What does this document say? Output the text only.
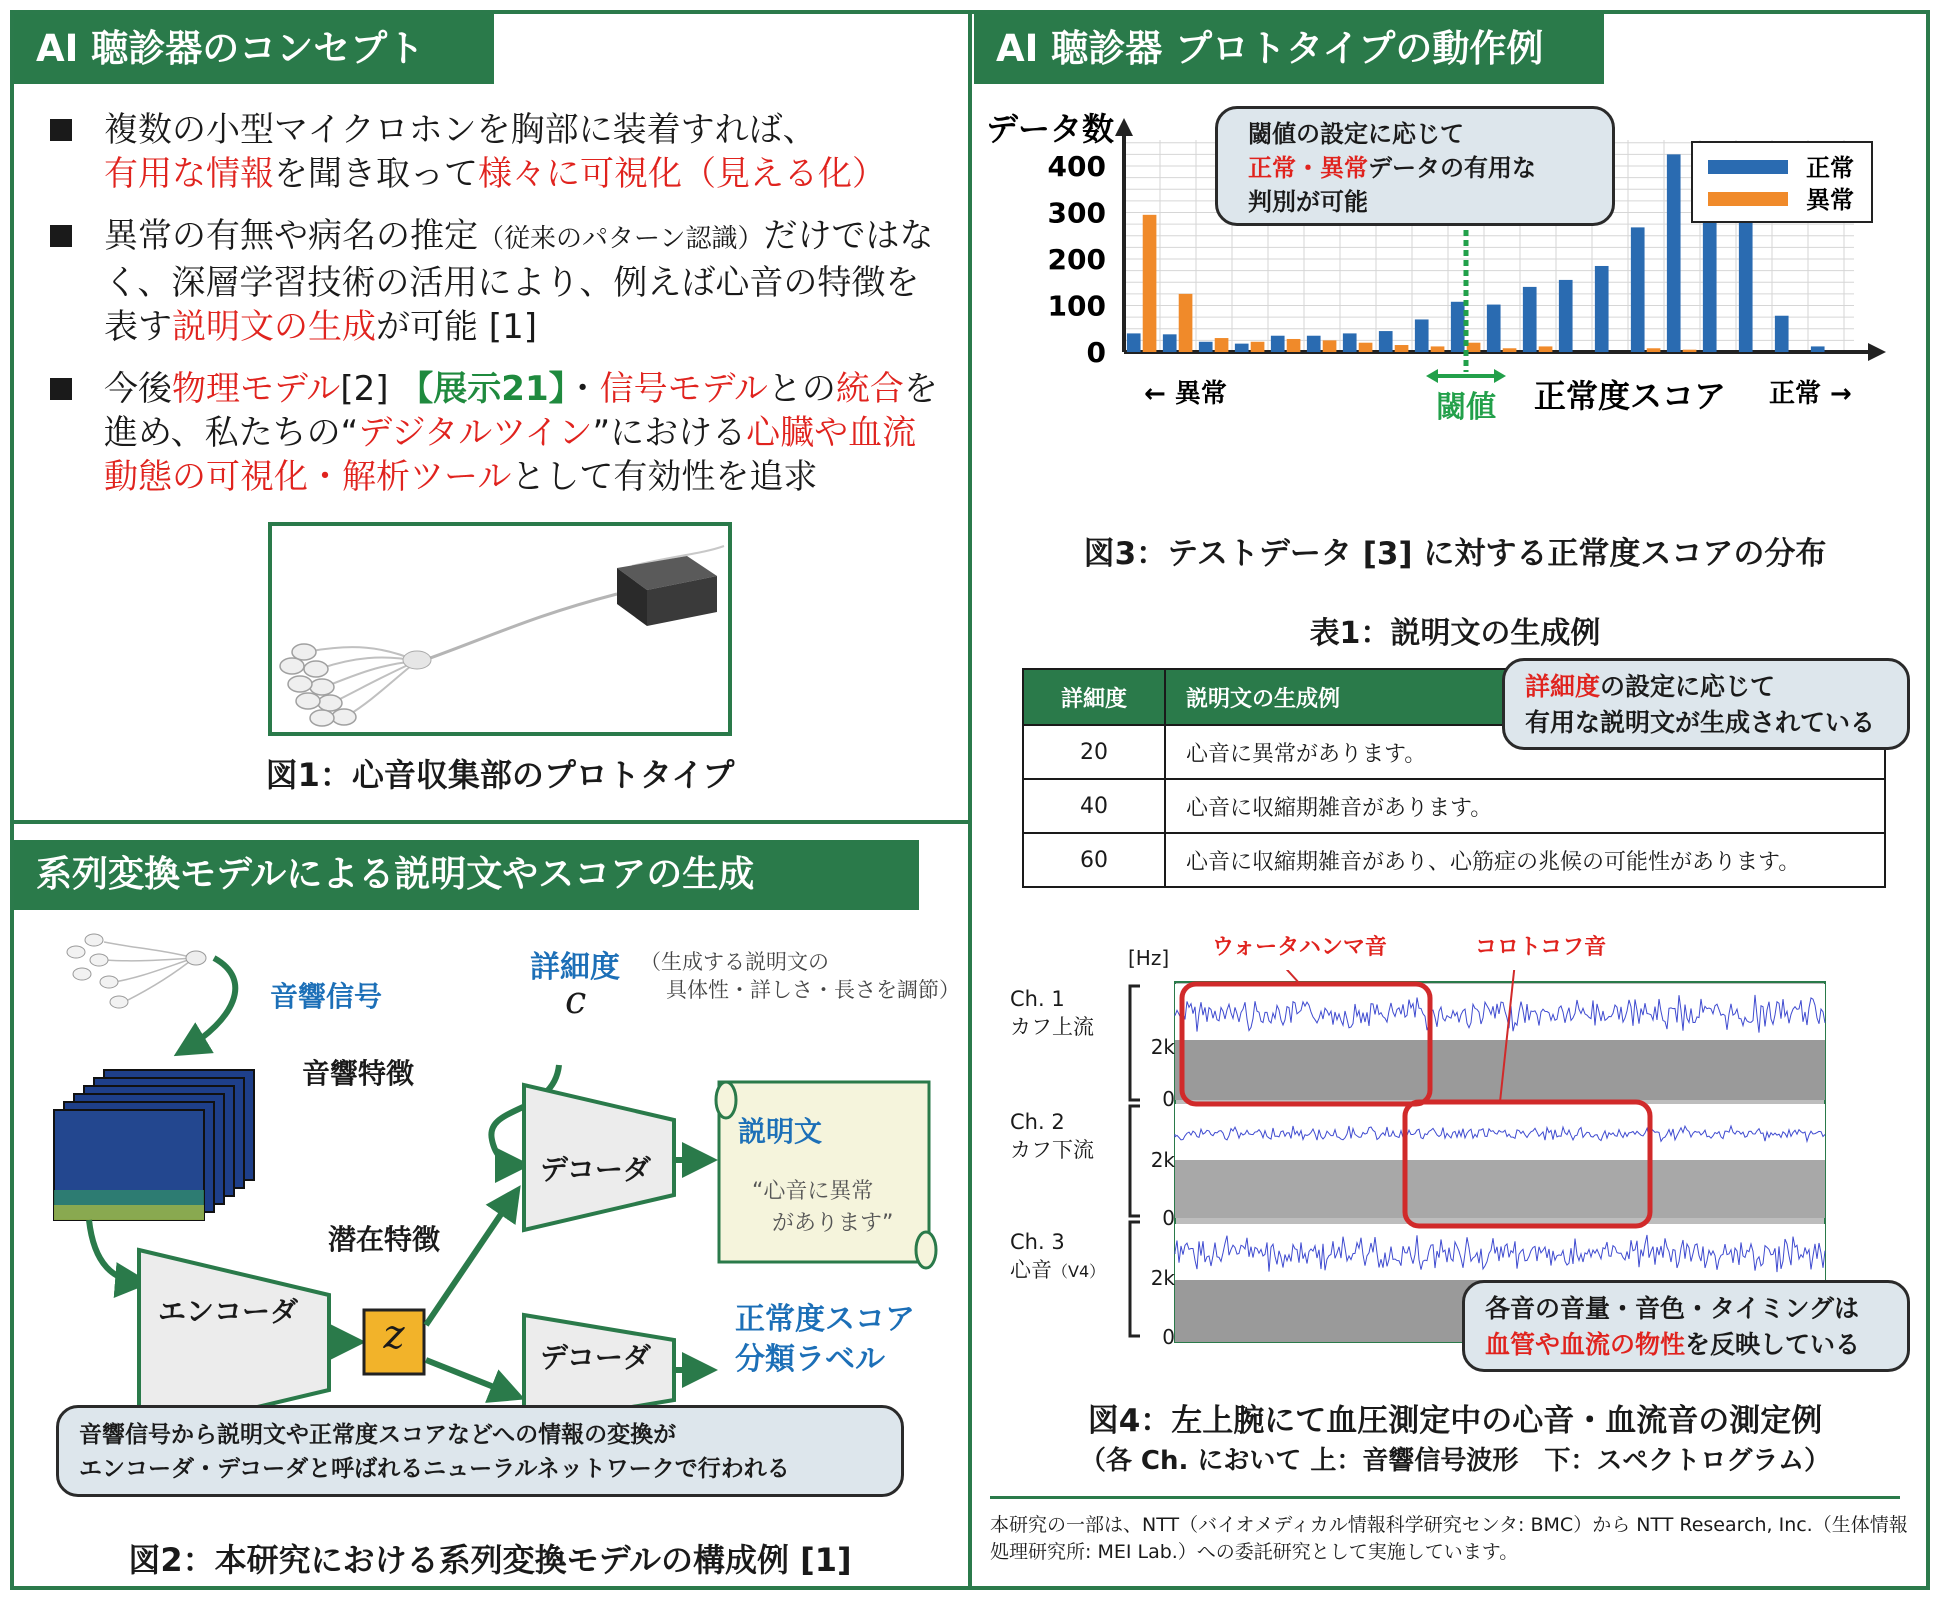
AI 聴診器のコンセプト
複数の小型マイクロホンを胸部に装着すれば、
有用な情報を聞き取って様々に可視化（見える化）
異常の有無や病名の推定（従来のパターン認識）だけではなく、深層学習技術の活用により、例えば心音の特徴を表す説明文の生成が可能 [1]
今後物理モデル[2] 【展示21】・信号モデルとの統合を進め、私たちの“デジタルツイン”における心臓や血流動態の可視化・解析ツールとして有効性を追求
図1：心音収集部のプロトタイプ
系列変換モデルによる説明文やスコアの生成
音響信号
音響特徴
エンコーダ
潜在特徴
z
詳細度 （生成する説明文の
具体性・詳しさ・長さを調節）
c
デコーダ
デコーダ
説明文
“心音に異常
があります”
正常度スコア
分類ラベル
音響信号から説明文や正常度スコアなどへの情報の変換が
エンコーダ・デコーダと呼ばれるニューラルネットワークで行われる
図2：本研究における系列変換モデルの構成例 [1]
AI 聴診器 プロトタイプの動作例
0
100
200
300
400
データ数
閾値
← 異常	正常度スコア 正常 →
正常
異常
閾値の設定に応じて
正常・異常データの有用な
判別が可能
図3：テストデータ [3] に対する正常度スコアの分布
表1：説明文の生成例
詳細度	説明文の生成例
20	心音に異常があります。
40	心音に収縮期雑音があります。
60	心音に収縮期雑音があり、心筋症の兆候の可能性があります。
詳細度の設定に応じて
有用な説明文が生成されている
[Hz] ウォータハンマ音	コロトコフ音
Ch. 1
カフ上流
Ch. 2
カフ下流
Ch. 3
心音（V4）
2k
0
2k
0
2k
0
各音の音量・音色・タイミングは
血管や血流の物性を反映している
図4：左上腕にて血圧測定中の心音・血流音の測定例
（各 Ch. において 上：音響信号波形　下：スペクトログラム）
本研究の一部は、NTT（バイオメディカル情報科学研究センタ: BMC）から NTT Research, Inc.（生体情報処理研究所: MEI Lab.）への委託研究として実施しています。
